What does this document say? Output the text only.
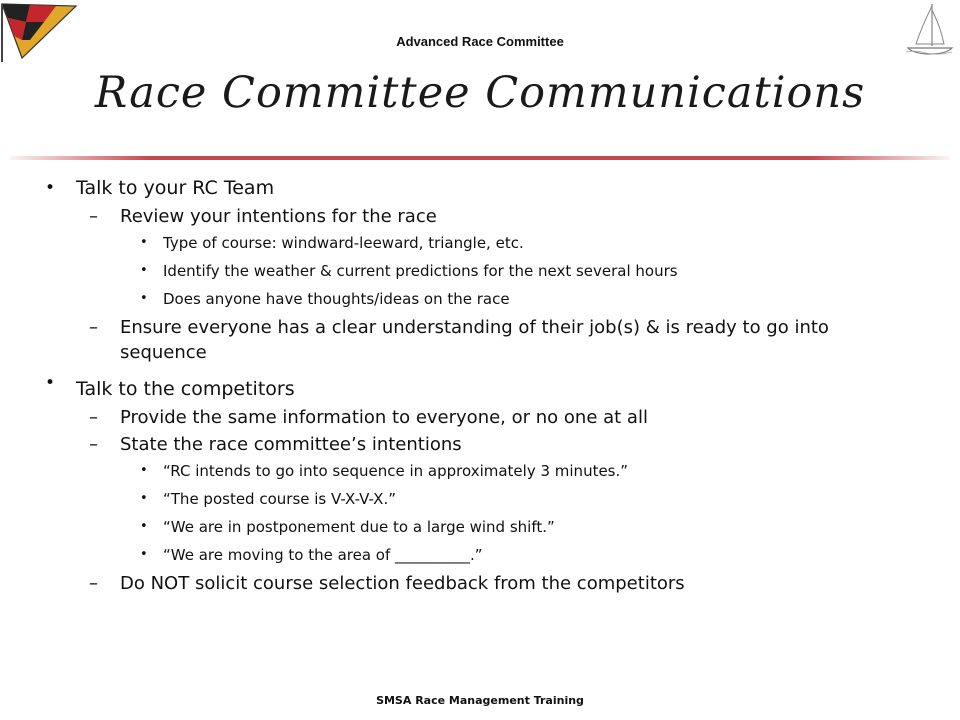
Advanced Race Committee
Race Committee Communications
• Talk to your RC Team
– Review your intentions for the race
• Type of course: windward-leeward, triangle, etc.
• Identify the weather & current predictions for the next several hours
• Does anyone have thoughts/ideas on the race
– Ensure everyone has a clear understanding of their job(s) & is ready to go into sequence
• Talk to the competitors
– Provide the same information to everyone, or no one at all
– State the race committee’s intentions
• “RC intends to go into sequence in approximately 3 minutes.”
• “The posted course is V-X-V-X.”
• “We are in postponement due to a large wind shift.”
• “We are moving to the area of __________.”
– Do NOT solicit course selection feedback from the competitors
SMSA Race Management Training
